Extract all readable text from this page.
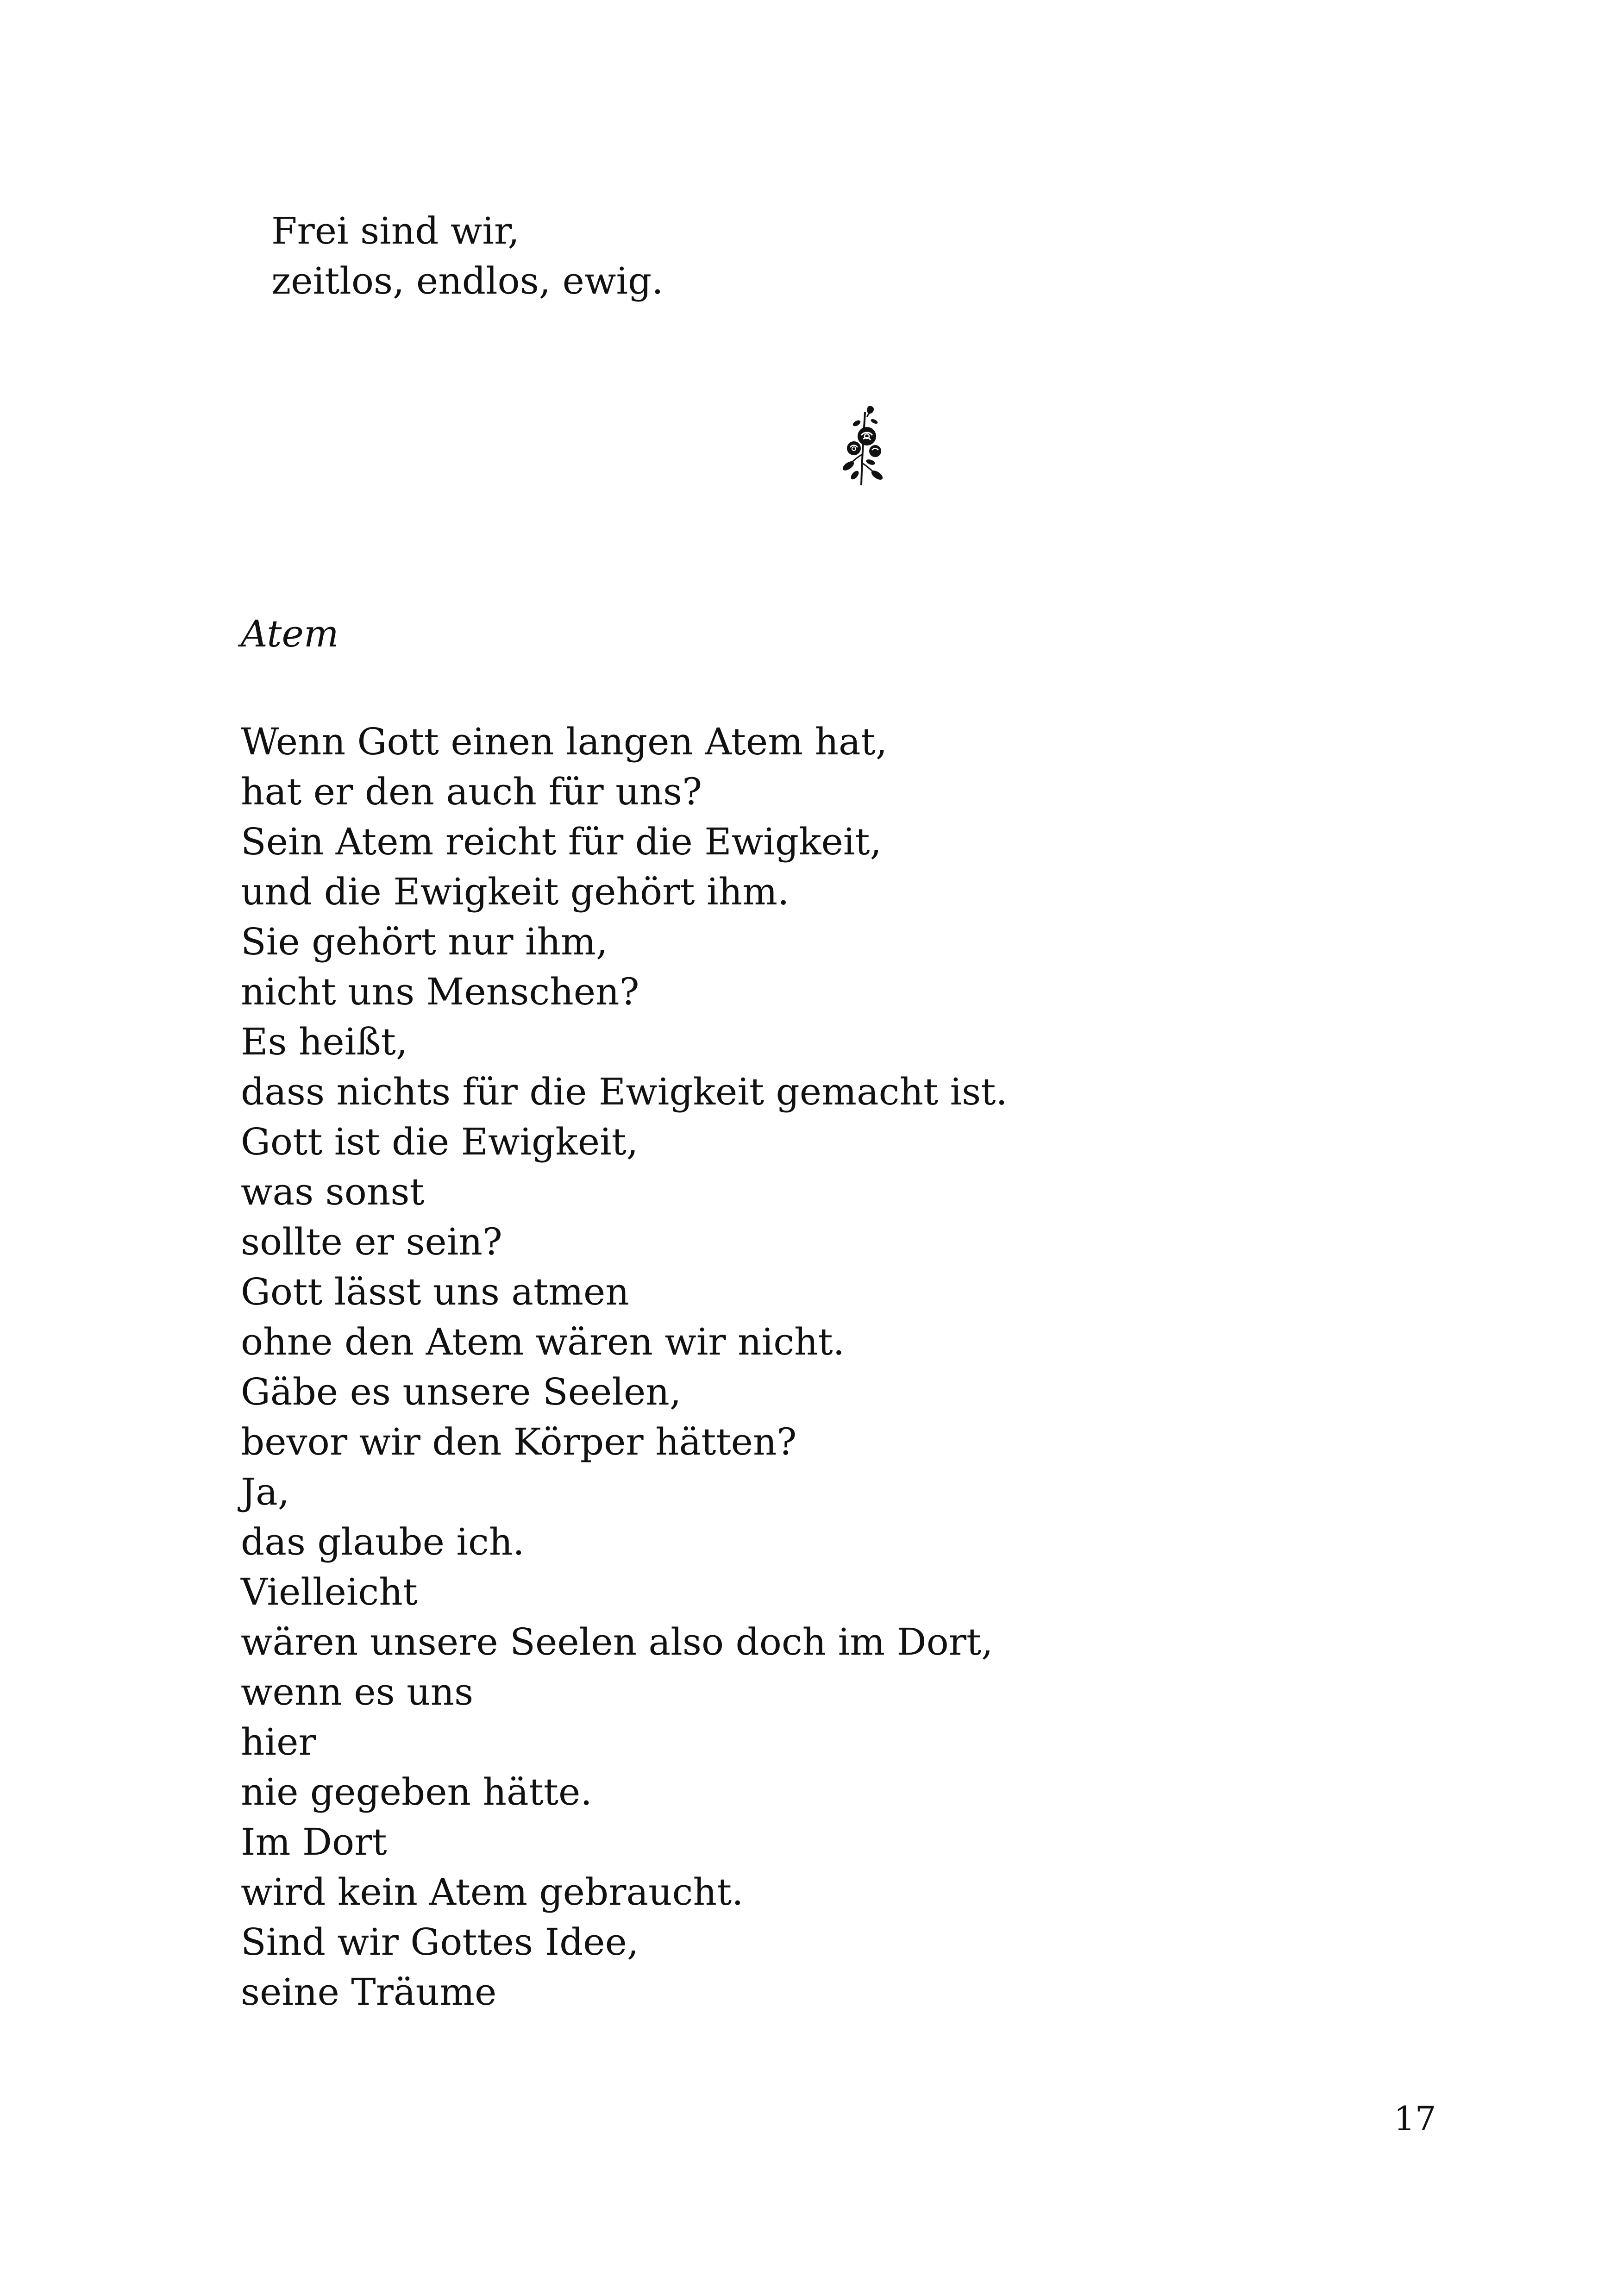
Frei sind wir,
zeitlos, endlos, ewig.
Atem
Wenn Gott einen langen Atem hat,
hat er den auch für uns?
Sein Atem reicht für die Ewigkeit,
und die Ewigkeit gehört ihm.
Sie gehört nur ihm,
nicht uns Menschen?
Es heißt,
dass nichts für die Ewigkeit gemacht ist.
Gott ist die Ewigkeit,
was sonst
sollte er sein?
Gott lässt uns atmen
ohne den Atem wären wir nicht.
Gäbe es unsere Seelen,
bevor wir den Körper hätten?
Ja,
das glaube ich.
Vielleicht
wären unsere Seelen also doch im Dort,
wenn es uns
hier
nie gegeben hätte.
Im Dort
wird kein Atem gebraucht.
Sind wir Gottes Idee,
seine Träume
17
